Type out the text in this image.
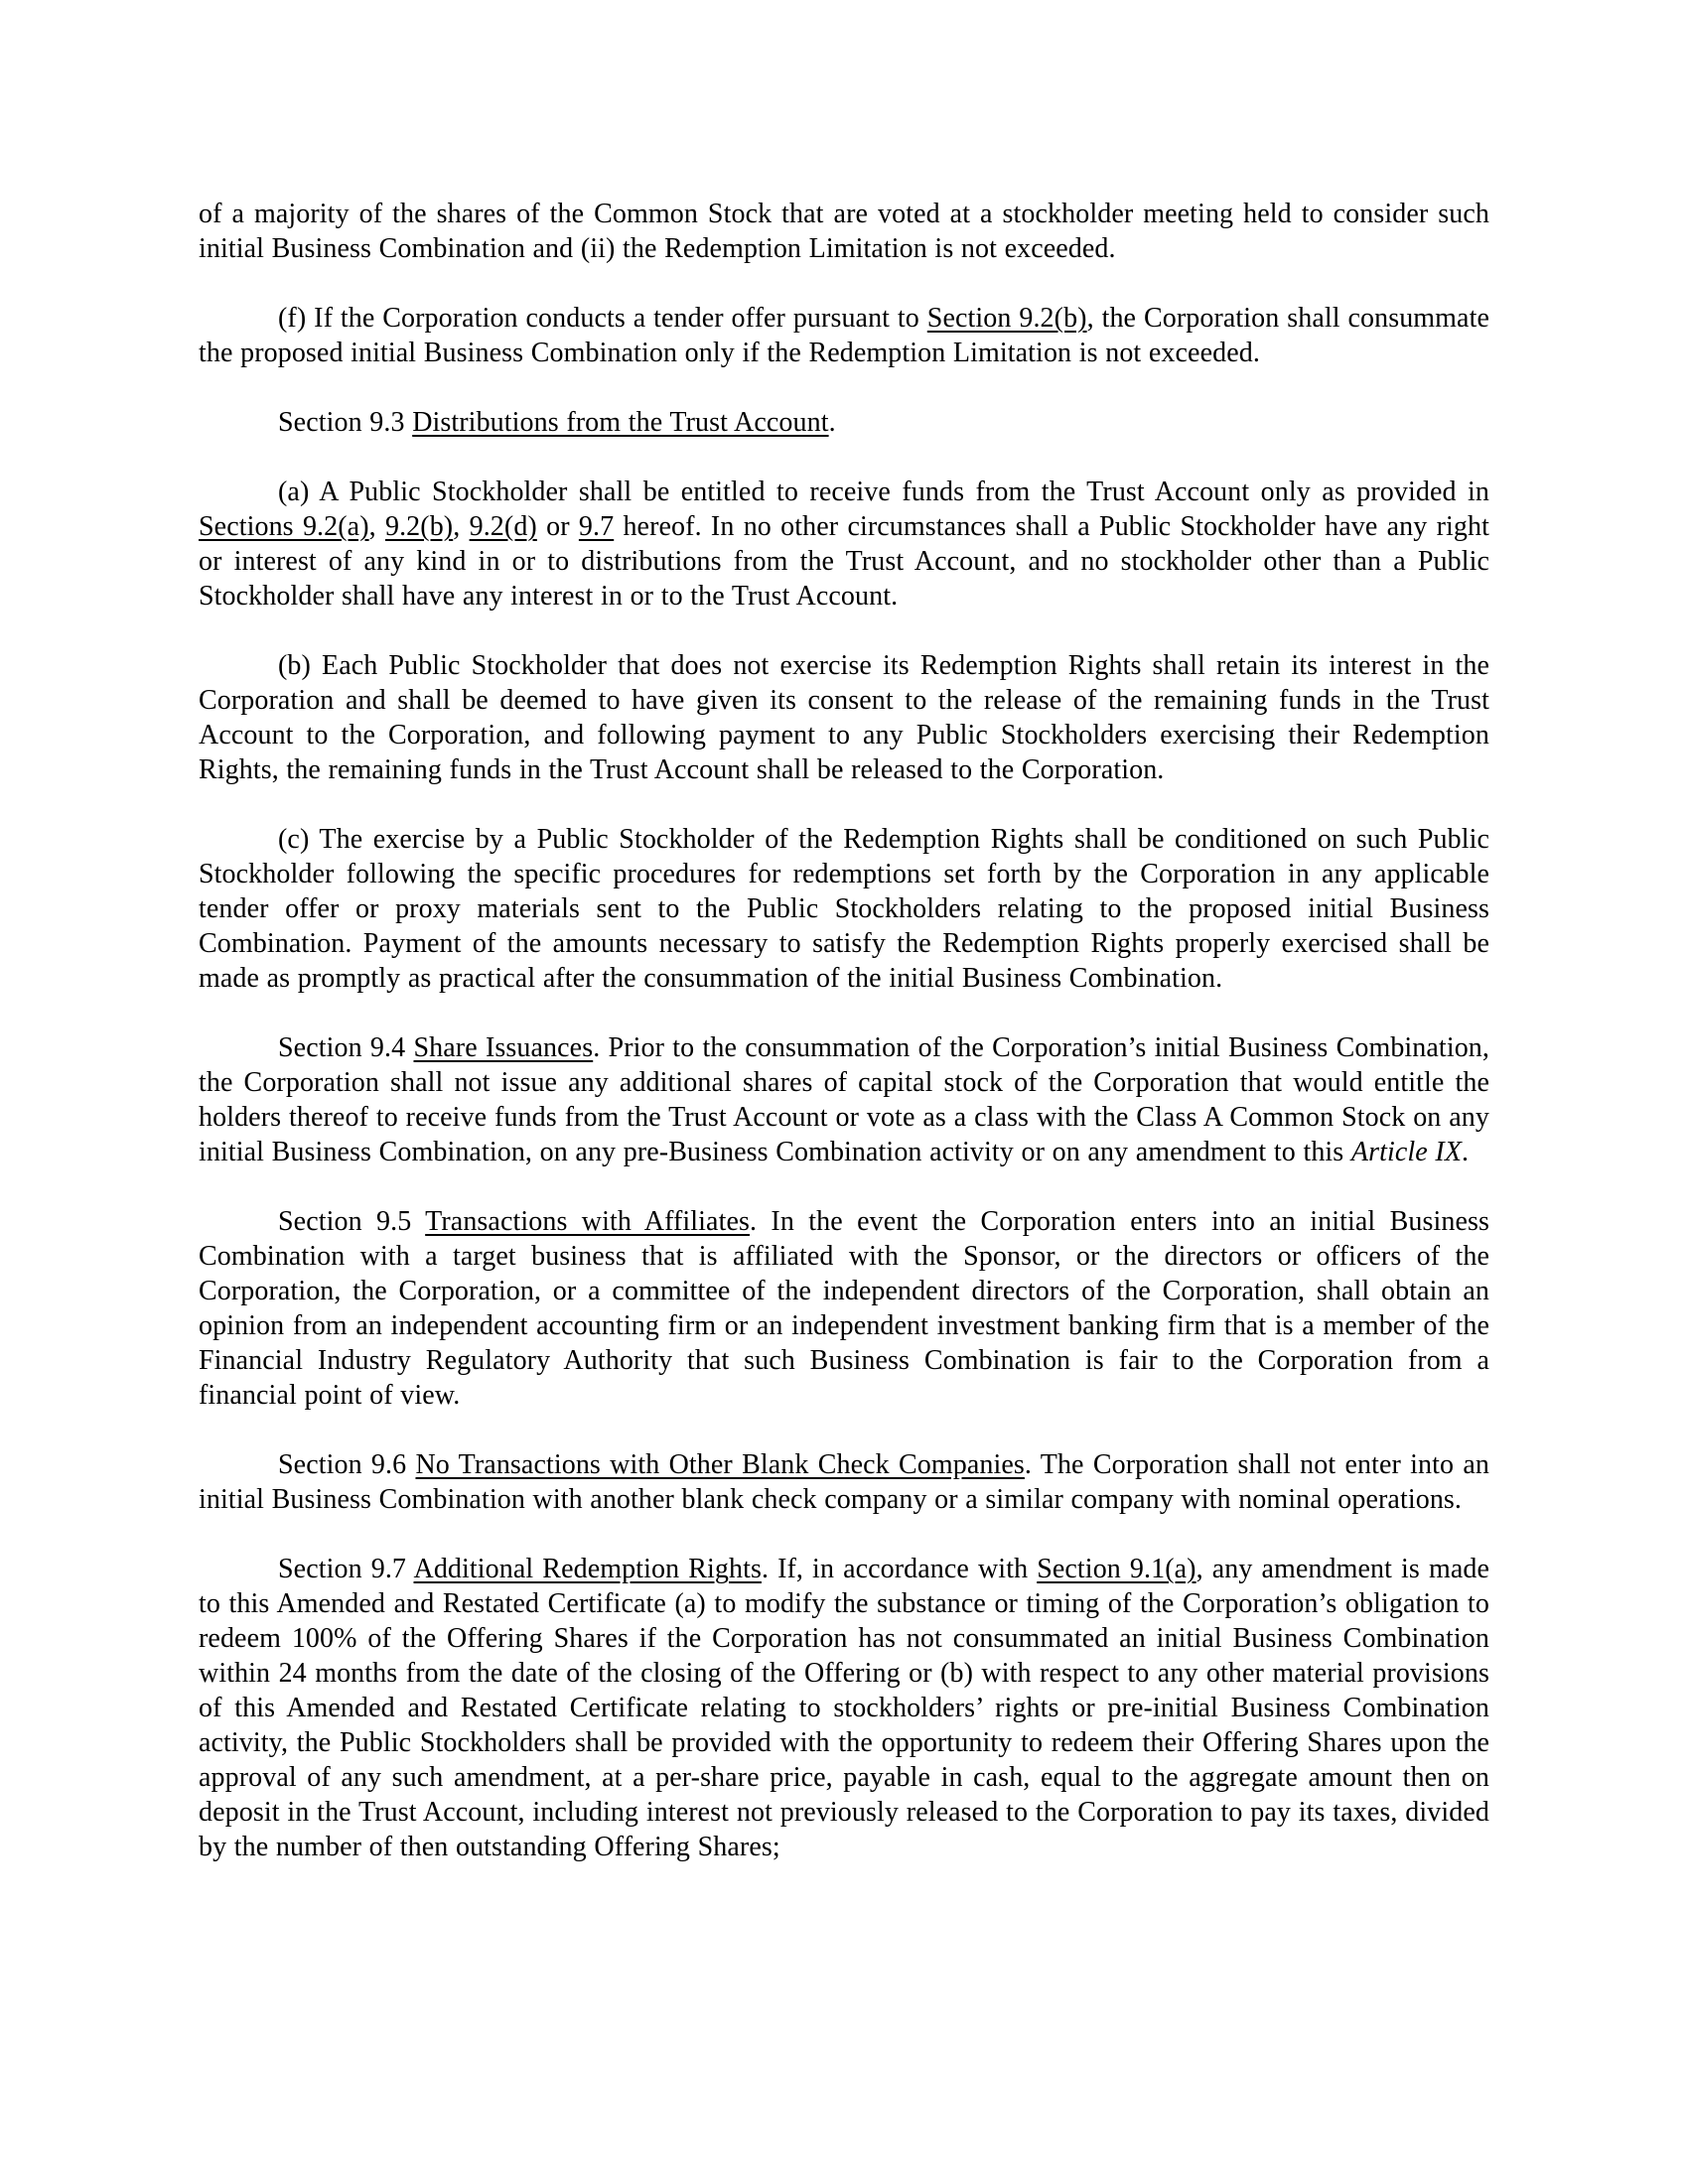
of a majority of the shares of the Common Stock that are voted at a stockholder meeting held to consider such initial Business Combination and (ii) the Redemption Limitation is not exceeded.

(f) If the Corporation conducts a tender offer pursuant to Section 9.2(b), the Corporation shall consummate the proposed initial Business Combination only if the Redemption Limitation is not exceeded.

Section 9.3 Distributions from the Trust Account.

(a) A Public Stockholder shall be entitled to receive funds from the Trust Account only as provided in Sections 9.2(a), 9.2(b), 9.2(d) or 9.7 hereof. In no other circumstances shall a Public Stockholder have any right or interest of any kind in or to distributions from the Trust Account, and no stockholder other than a Public Stockholder shall have any interest in or to the Trust Account.

(b) Each Public Stockholder that does not exercise its Redemption Rights shall retain its interest in the Corporation and shall be deemed to have given its consent to the release of the remaining funds in the Trust Account to the Corporation, and following payment to any Public Stockholders exercising their Redemption Rights, the remaining funds in the Trust Account shall be released to the Corporation.

(c) The exercise by a Public Stockholder of the Redemption Rights shall be conditioned on such Public Stockholder following the specific procedures for redemptions set forth by the Corporation in any applicable tender offer or proxy materials sent to the Public Stockholders relating to the proposed initial Business Combination. Payment of the amounts necessary to satisfy the Redemption Rights properly exercised shall be made as promptly as practical after the consummation of the initial Business Combination.

Section 9.4 Share Issuances. Prior to the consummation of the Corporation’s initial Business Combination, the Corporation shall not issue any additional shares of capital stock of the Corporation that would entitle the holders thereof to receive funds from the Trust Account or vote as a class with the Class A Common Stock on any initial Business Combination, on any pre-Business Combination activity or on any amendment to this Article IX.

Section 9.5 Transactions with Affiliates. In the event the Corporation enters into an initial Business Combination with a target business that is affiliated with the Sponsor, or the directors or officers of the Corporation, the Corporation, or a committee of the independent directors of the Corporation, shall obtain an opinion from an independent accounting firm or an independent investment banking firm that is a member of the Financial Industry Regulatory Authority that such Business Combination is fair to the Corporation from a financial point of view.

Section 9.6 No Transactions with Other Blank Check Companies. The Corporation shall not enter into an initial Business Combination with another blank check company or a similar company with nominal operations.

Section 9.7 Additional Redemption Rights. If, in accordance with Section 9.1(a), any amendment is made to this Amended and Restated Certificate (a) to modify the substance or timing of the Corporation’s obligation to redeem 100% of the Offering Shares if the Corporation has not consummated an initial Business Combination within 24 months from the date of the closing of the Offering or (b) with respect to any other material provisions of this Amended and Restated Certificate relating to stockholders’ rights or pre-initial Business Combination activity, the Public Stockholders shall be provided with the opportunity to redeem their Offering Shares upon the approval of any such amendment, at a per-share price, payable in cash, equal to the aggregate amount then on deposit in the Trust Account, including interest not previously released to the Corporation to pay its taxes, divided by the number of then outstanding Offering Shares;
